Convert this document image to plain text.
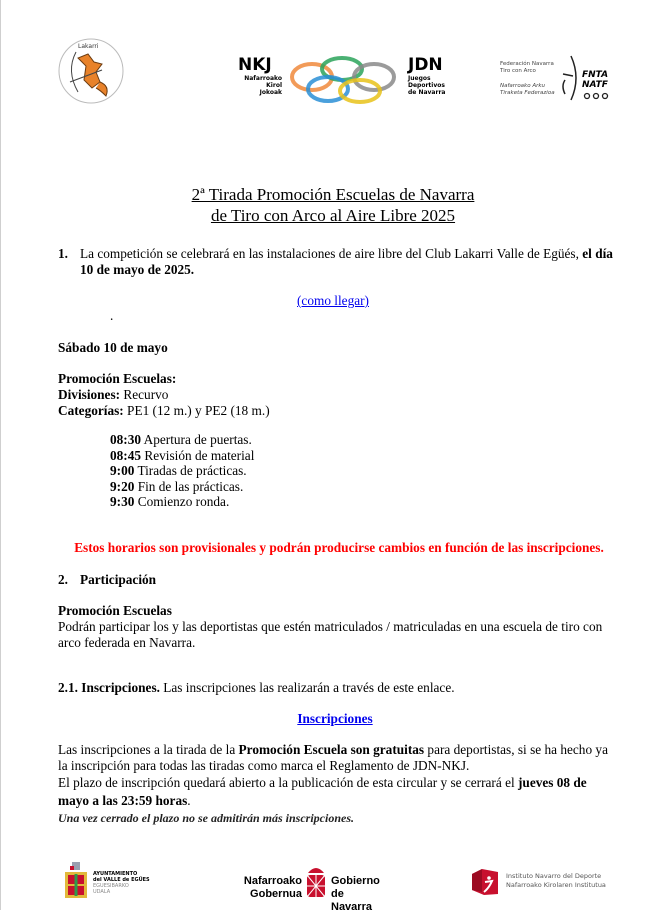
Lakarri
NKJ
Nafarroako
Kirol
Jokoak
JDN
Juegos
Deportivos
de Navarra
Federación Navarra
Tiro con Arco
Nafarroako Arku
Tiraketa Federazioa
FNTA
NATF
2ª Tirada Promoción Escuelas de Navarra
de Tiro con Arco al Aire Libre 2025
1. La competición se celebrará en las instalaciones de aire libre del Club Lakarri Valle de Egüés, el día 10 de mayo de 2025.
(como llegar)
.
Sábado 10 de mayo
Promoción Escuelas:
Divisiones: Recurvo
Categorías: PE1 (12 m.) y PE2 (18 m.)
08:30 Apertura de puertas.
08:45 Revisión de material
9:00 Tiradas de prácticas.
9:20 Fin de las prácticas.
9:30 Comienzo ronda.
Estos horarios son provisionales y podrán producirse cambios en función de las inscripciones.
2. Participación
Promoción Escuelas
Podrán participar los y las deportistas que estén matriculados / matriculadas en una escuela de tiro con arco federada en Navarra.
2.1. Inscripciones. Las inscripciones las realizarán a través de este enlace.
Inscripciones
Las inscripciones a la tirada de la Promoción Escuela son gratuitas para deportistas, si se ha hecho ya la inscripción para todas las tiradas como marca el Reglamento de JDN-NKJ.
El plazo de inscripción quedará abierto a la publicación de esta circular y se cerrará el jueves 08 de mayo a las 23:59 horas.
Una vez cerrado el plazo no se admitirán más inscripciones.
AYUNTAMIENTO
del VALLE de EGÜES
EGUESIBARKO
UDALA
Nafarroako
Gobernua
Gobierno
de Navarra
Instituto Navarro del Deporte
Nafarroako Kirolaren Institutua
